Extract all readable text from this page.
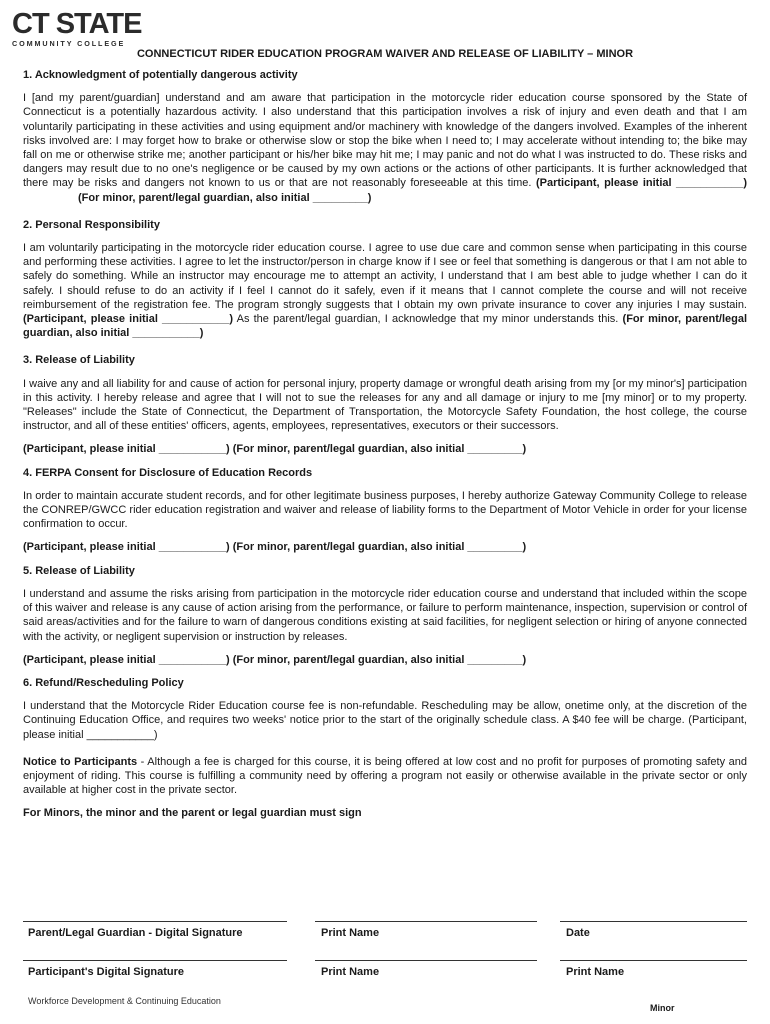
CT STATE
COMMUNITY COLLEGE
CONNECTICUT RIDER EDUCATION PROGRAM WAIVER AND RELEASE OF LIABILITY – MINOR
1. Acknowledgment of potentially dangerous activity
I [and my parent/guardian] understand and am aware that participation in the motorcycle rider education course sponsored by the State of Connecticut is a potentially hazardous activity. I also understand that this participation involves a risk of injury and even death and that I am voluntarily participating in these activities and using equipment and/or machinery with knowledge of the dangers involved. Examples of the inherent risks involved are: I may forget how to brake or otherwise slow or stop the bike when I need to; I may accelerate without intending to; the bike may fall on me or otherwise strike me; another participant or his/her bike may hit me; I may panic and not do what I was instructed to do. These risks and dangers may result due to no one's negligence or be caused by my own actions or the actions of other participants. It is further acknowledged that there may be risks and dangers not known to us or that are not reasonably foreseeable at this time. (Participant, please initial ___________)                   (For minor, parent/legal guardian, also initial _________)
2. Personal Responsibility
I am voluntarily participating in the motorcycle rider education course. I agree to use due care and common sense when participating in this course and performing these activities. I agree to let the instructor/person in charge know if I see or feel that something is dangerous or that I am not able to safely do something. While an instructor may encourage me to attempt an activity, I understand that I am best able to judge whether I can do it safely. I should refuse to do an activity if I feel I cannot do it safely, even if it means that I cannot complete the course and will not receive reimbursement of the registration fee. The program strongly suggests that I obtain my own private insurance to cover any injuries I may sustain. (Participant, please initial ___________) As the parent/legal guardian, I acknowledge that my minor understands this. (For minor, parent/legal guardian, also initial ___________)
3. Release of Liability
I waive any and all liability for and cause of action for personal injury, property damage or wrongful death arising from my [or my minor's] participation in this activity. I hereby release and agree that I will not to sue the releases for any and all damage or injury to me [my minor] or to my property. "Releases" include the State of Connecticut, the Department of Transportation, the Motorcycle Safety Foundation, the host college, the course instructor, and all of these entities' officers, agents, employees, representatives, executors or their successors.
(Participant, please initial ___________) (For minor, parent/legal guardian, also initial _________)
4. FERPA Consent for Disclosure of Education Records
In order to maintain accurate student records, and for other legitimate business purposes, I hereby authorize Gateway Community College to release the CONREP/GWCC rider education registration and waiver and release of liability forms to the Department of Motor Vehicle in order for your license confirmation to occur.
(Participant, please initial ___________) (For minor, parent/legal guardian, also initial _________)
5. Release of Liability
I understand and assume the risks arising from participation in the motorcycle rider education course and understand that included within the scope of this waiver and release is any cause of action arising from the performance, or failure to perform maintenance, inspection, supervision or control of said areas/activities and for the failure to warn of dangerous conditions existing at said facilities, for negligent selection or hiring of anyone connected with the activity, or negligent supervision or instruction by releases.
(Participant, please initial ___________) (For minor, parent/legal guardian, also initial _________)
6. Refund/Rescheduling Policy
I understand that the Motorcycle Rider Education course fee is non-refundable. Rescheduling may be allow, onetime only, at the discretion of the Continuing Education Office, and requires two weeks' notice prior to the start of the originally schedule class. A $40 fee will be charge. (Participant, please initial ___________)
Notice to Participants - Although a fee is charged for this course, it is being offered at low cost and no profit for purposes of promoting safety and enjoyment of riding. This course is fulfilling a community need by offering a program not easily or otherwise available in the private sector or only available at higher cost in the private sector.
For Minors, the minor and the parent or legal guardian must sign
Parent/Legal Guardian - Digital Signature	Print Name	Date
Participant's Digital Signature	Print Name	Print Name
Workforce Development & Continuing Education
Minor
